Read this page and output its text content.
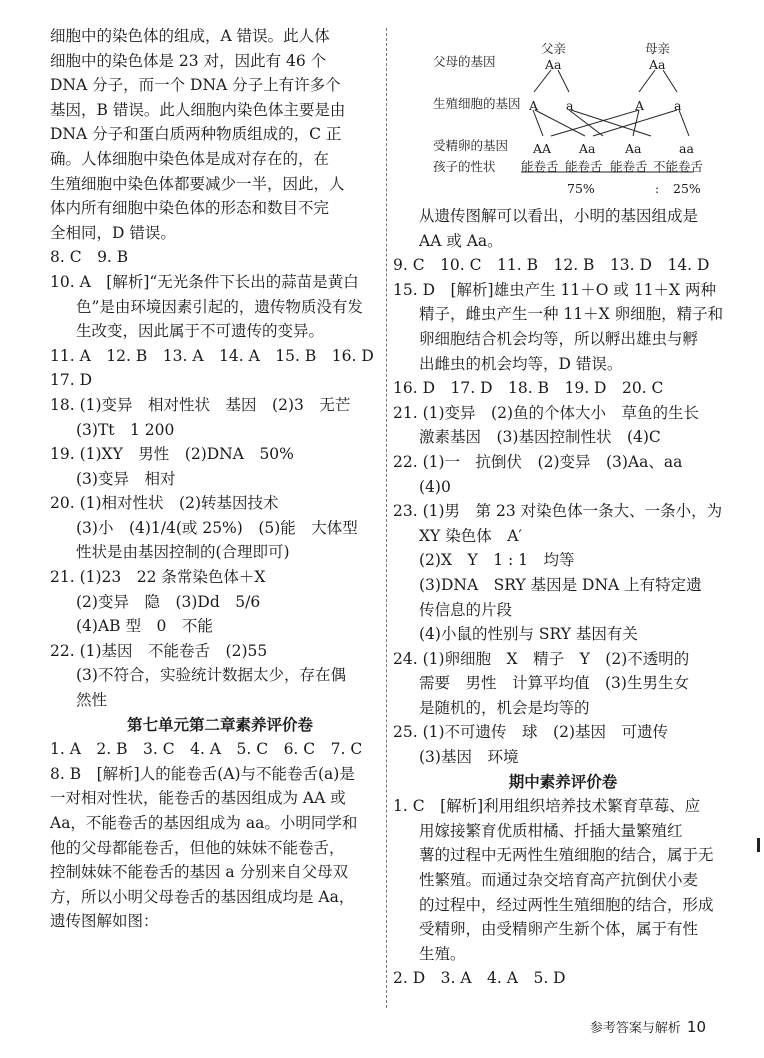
细胞中的染色体的组成，A 错误。此人体

细胞中的染色体是 23 对，因此有 46 个

DNA 分子，而一个 DNA 分子上有许多个

基因，B 错误。此人细胞内染色体主要是由

DNA 分子和蛋白质两种物质组成的，C 正

确。人体细胞中染色体是成对存在的，在

生殖细胞中染色体都要减少一半，因此，人

体内所有细胞中染色体的形态和数目不完

全相同，D 错误。

8. C　9. B

10. A　[解析]“无光条件下长出的蒜苗是黄白

色”是由环境因素引起的，遗传物质没有发

生改变，因此属于不可遗传的变异。

11. A　12. B　13. A　14. A　15. B　16. D

17. D

18. (1)变异　相对性状　基因　(2)3　无芒

(3)Tt　1 200

19. (1)XY　男性　(2)DNA　50%

(3)变异　相对

20. (1)相对性状　(2)转基因技术

(3)小　(4)1/4(或 25%)　(5)能　大体型

性状是由基因控制的(合理即可)

21. (1)23　22 条常染色体＋X

(2)变异　隐　(3)Dd　5/6

(4)AB 型　0　不能

22. (1)基因　不能卷舌　(2)55

(3)不符合，实验统计数据太少，存在偶

然性

第七单元第二章素养评价卷

1. A　2. B　3. C　4. A　5. C　6. C　7. C

8. B　[解析]人的能卷舌(A)与不能卷舌(a)是

一对相对性状，能卷舌的基因组成为 AA 或

Aa，不能卷舌的基因组成为 aa。小明同学和

他的父母都能卷舌，但他的妹妹不能卷舌，

控制妹妹不能卷舌的基因 a 分别来自父母双

方，所以小明父母卷舌的基因组成均是 Aa，

遗传图解如图：

父母的基因
生殖细胞的基因
受精卵的基因
孩子的性状
父亲	母亲
Aa	Aa
A a	A a
AA Aa Aa	aa
能卷舌 能卷舌 能卷舌 不能卷舌
75%	: 25%

从遗传图解可以看出，小明的基因组成是

AA 或 Aa。

9. C　10. C　11. B　12. B　13. D　14. D

15. D　[解析]雄虫产生 11＋O 或 11＋X 两种

精子，雌虫产生一种 11＋X 卵细胞，精子和

卵细胞结合机会均等，所以孵出雄虫与孵

出雌虫的机会均等，D 错误。

16. D　17. D　18. B　19. D　20. C

21. (1)变异　(2)鱼的个体大小　草鱼的生长

激素基因　(3)基因控制性状　(4)C

22. (1)一　抗倒伏　(2)变异　(3)Aa、aa

(4)0

23. (1)男　第 23 对染色体一条大、一条小，为

XY 染色体　A′

(2)X　Y　1 : 1　均等

(3)DNA　SRY 基因是 DNA 上有特定遗

传信息的片段

(4)小鼠的性别与 SRY 基因有关

24. (1)卵细胞　X　精子　Y　(2)不透明的

需要　男性　计算平均值　(3)生男生女

是随机的，机会是均等的

25. (1)不可遗传　球　(2)基因　可遗传

(3)基因　环境

期中素养评价卷

1. C　[解析]利用组织培养技术繁育草莓、应

用嫁接繁育优质柑橘、扦插大量繁殖红

薯的过程中无两性生殖细胞的结合，属于无

性繁殖。而通过杂交培育高产抗倒伏小麦

的过程中，经过两性生殖细胞的结合，形成

受精卵，由受精卵产生新个体，属于有性

生殖。

2. D　3. A　4. A　5. D

参考答案与解析 10
